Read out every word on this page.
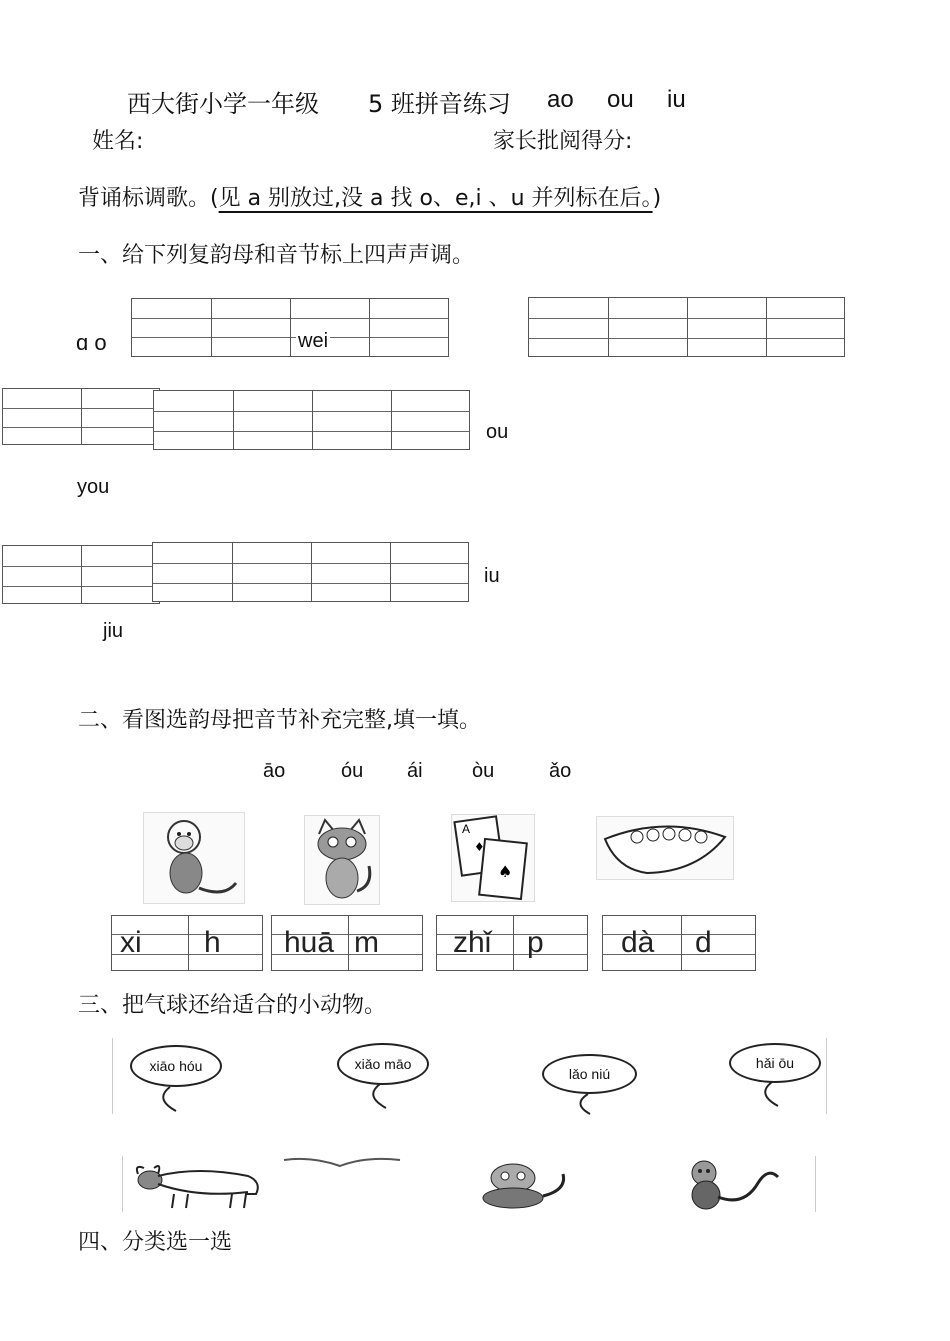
西大街小学一年级 5 班拼音练习 ao ou iu
姓名:	家长批阅得分:
背诵标调歌。(见 a 别放过,没 a 找 o、e,i 、u 并列标在后。)
一、给下列复韵母和音节标上四声声调。
ɑ o	wei
ou
you
iu
jiu
二、看图选韵母把音节补充完整,填一填。
āo	óu ái òu	ǎo
A
♠
♦
xi h huā m zhǐ p	dà d
三、把气球还给适合的小动物。
xiāo hóu	xiǎo māo
lǎo niú
hǎi ōu
四、分类选一选
